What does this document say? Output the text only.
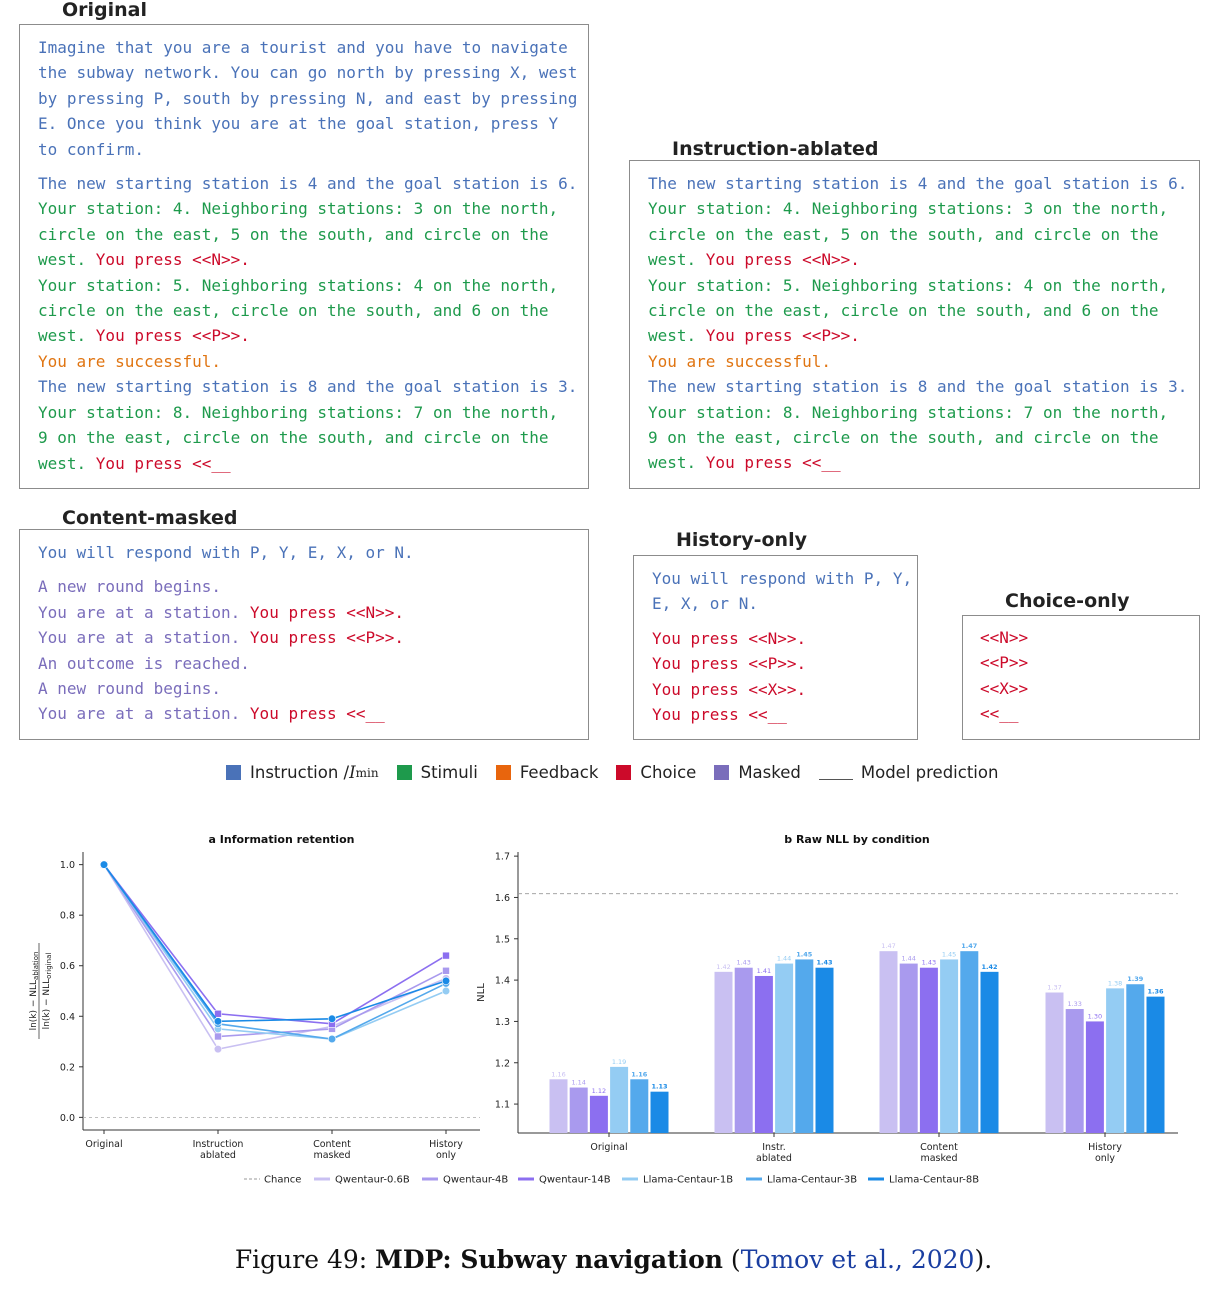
Original
Imagine that you are a tourist and you have to navigate
the subway network. You can go north by pressing X, west
by pressing P, south by pressing N, and east by pressing
E. Once you think you are at the goal station, press Y
to confirm.
The new starting station is 4 and the goal station is 6.
Your station: 4. Neighboring stations: 3 on the north,
circle on the east, 5 on the south, and circle on the
west. You press <<N>>.
Your station: 5. Neighboring stations: 4 on the north,
circle on the east, circle on the south, and 6 on the
west. You press <<P>>.
You are successful.
The new starting station is 8 and the goal station is 3.
Your station: 8. Neighboring stations: 7 on the north,
9 on the east, circle on the south, and circle on the
west. You press <<__
Instruction-ablated
The new starting station is 4 and the goal station is 6.
Your station: 4. Neighboring stations: 3 on the north,
circle on the east, 5 on the south, and circle on the
west. You press <<N>>.
Your station: 5. Neighboring stations: 4 on the north,
circle on the east, circle on the south, and 6 on the
west. You press <<P>>.
You are successful.
The new starting station is 8 and the goal station is 3.
Your station: 8. Neighboring stations: 7 on the north,
9 on the east, circle on the south, and circle on the
west. You press <<__
Content-masked
You will respond with P, Y, E, X, or N.
A new round begins.
You are at a station. You press <<N>>.
You are at a station. You press <<P>>.
An outcome is reached.
A new round begins.
You are at a station. You press <<__
History-only
You will respond with P, Y,
E, X, or N.
You press <<N>>.
You press <<P>>.
You press <<X>>.
You press <<__
Choice-only
<<N>>
<<P>>
<<X>>
<<__
Instruction / I min	Stimuli	Feedback	Choice	Masked	Model prediction
a Information retention
0.0
0.2
0.4
0.6
0.8
1.0
Original	Instruction
ablated
Content
masked
History
only
$\ln(k) - NLL_{ablation}$
$\ln(k) - NLL_{original}$
b Raw NLL by condition
1.1
1.2
1.3
1.4
1.5
1.6
1.7
NLL
Original
1.16
1.14
1.12
1.19
1.16
1.13
Instr.
ablated
1.42
1.43
1.41
1.44
1.45
1.43
Content
masked
1.47
1.44
1.43
1.45
1.47
1.42
History
only
1.37
1.33
1.30
1.38
1.39
1.36
Chance	Qwentaur-0.6B	Qwentaur-4B	Qwentaur-14B	Llama-Centaur-1B	Llama-Centaur-3B	Llama-Centaur-8B
Figure 49: MDP: Subway navigation (Tomov et al., 2020).
